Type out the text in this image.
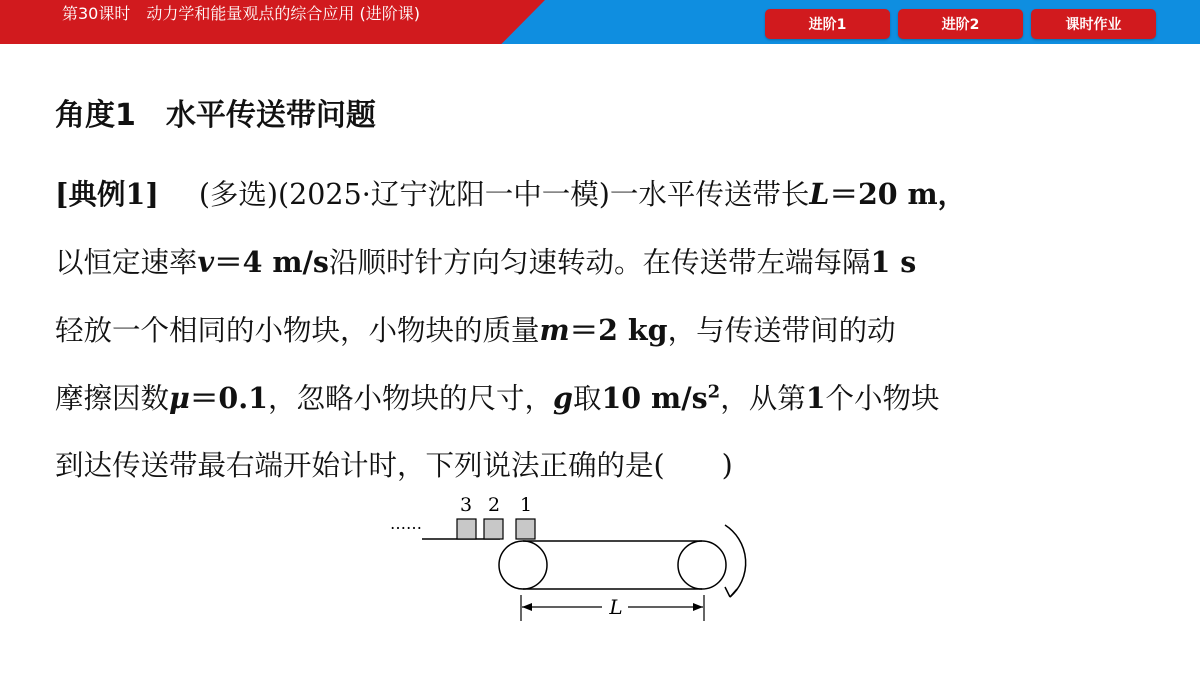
第30课时　动力学和能量观点的综合应用 (进阶课)
进阶1	进阶2	课时作业
角度1　水平传送带问题
[典例1] (多选)(2025·辽宁沈阳一中一模)一水平传送带长L＝20 m，
以恒定速率v＝4 m/s沿顺时针方向匀速转动。在传送带左端每隔1 s
轻放一个相同的小物块，小物块的质量m＝2 kg，与传送带间的动
摩擦因数μ＝0.1，忽略小物块的尺寸，g取10 $m/s^2$，从第1个小物块
到达传送带最右端开始计时，下列说法正确的是(　　)
……
3 2 1
L
